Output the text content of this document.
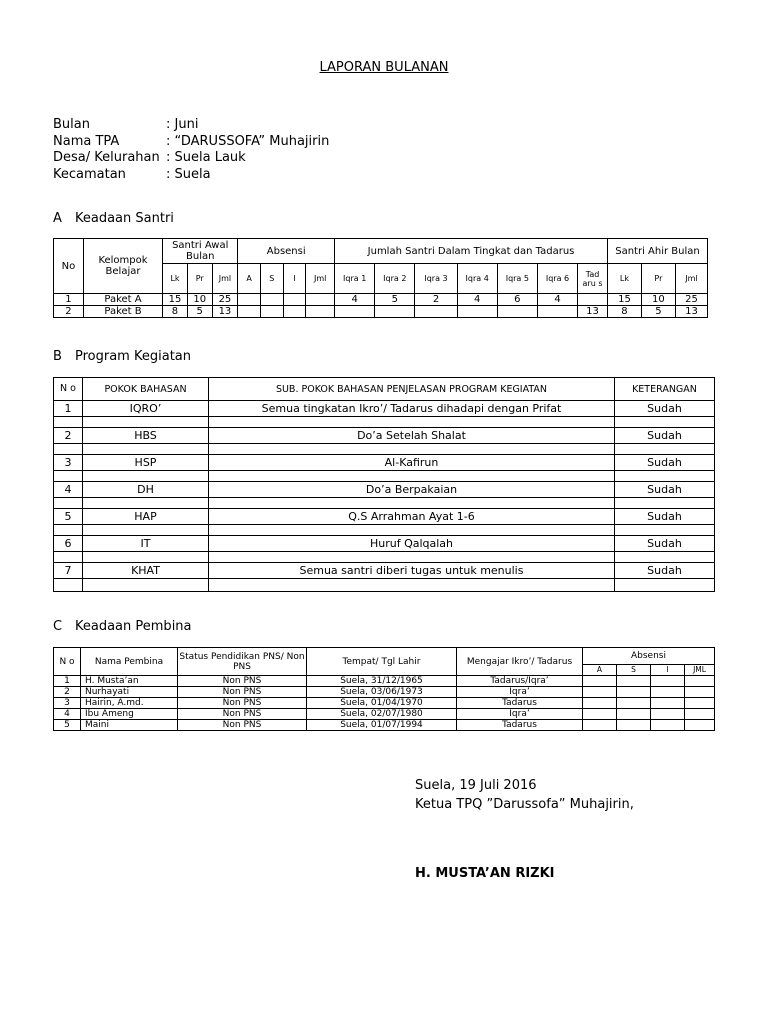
LAPORAN BULANAN
Bulan	: Juni
Nama TPA	: “DARUSSOFA” Muhajirin
Desa/ Kelurahan : Suela Lauk
Kecamatan	: Suela
A Keadaan Santri
No	Kelompok Belajar	Santri Awal Bulan			Absensi				Jumlah Santri Dalam Tingkat dan Tadarus							Santri Ahir Bulan		
		Lk	Pr	Jml	A	S	I	Jml	Iqra 1	Iqra 2	Iqra 3	Iqra 4	Iqra 5	Iqra 6	Tad aru s	Lk	Pr	Jml
1	Paket A	15	10	25					4	5	2	4	6	4		15	10	25
2	Paket B	8	5	13											13	8	5	13
B Program Kegiatan
N o	POKOK BAHASAN	SUB. POKOK BAHASAN PENJELASAN PROGRAM KEGIATAN	KETERANGAN
1	IQRO’	Semua tingkatan Ikro’/ Tadarus dihadapi dengan Prifat	Sudah

2	HBS	Do’a Setelah Shalat	Sudah

3	HSP	Al-Kafirun	Sudah

4	DH	Do’a Berpakaian	Sudah

5	HAP	Q.S Arrahman Ayat 1-6	Sudah

6	IT	Huruf Qalqalah	Sudah

7	KHAT	Semua santri diberi tugas untuk menulis	Sudah

C Keadaan Pembina
N o	Nama Pembina	Status Pendidikan PNS/ Non PNS	Tempat/ Tgl Lahir	Mengajar Ikro’/ Tadarus	Absensi			
					A	S	I	JML
1	H. Musta’an	Non PNS	Suela, 31/12/1965	Tadarus/Iqra’				
2	Nurhayati	Non PNS	Suela, 03/06/1973	Iqra’				
3	Hairin, A.md.	Non PNS	Suela, 01/04/1970	Tadarus				
4	Ibu Ameng	Non PNS	Suela, 02/07/1980	Iqra’				
5	Maini	Non PNS	Suela, 01/07/1994	Tadarus				
Suela, 19 Juli 2016
Ketua TPQ ”Darussofa” Muhajirin,
H. MUSTA’AN RIZKI
